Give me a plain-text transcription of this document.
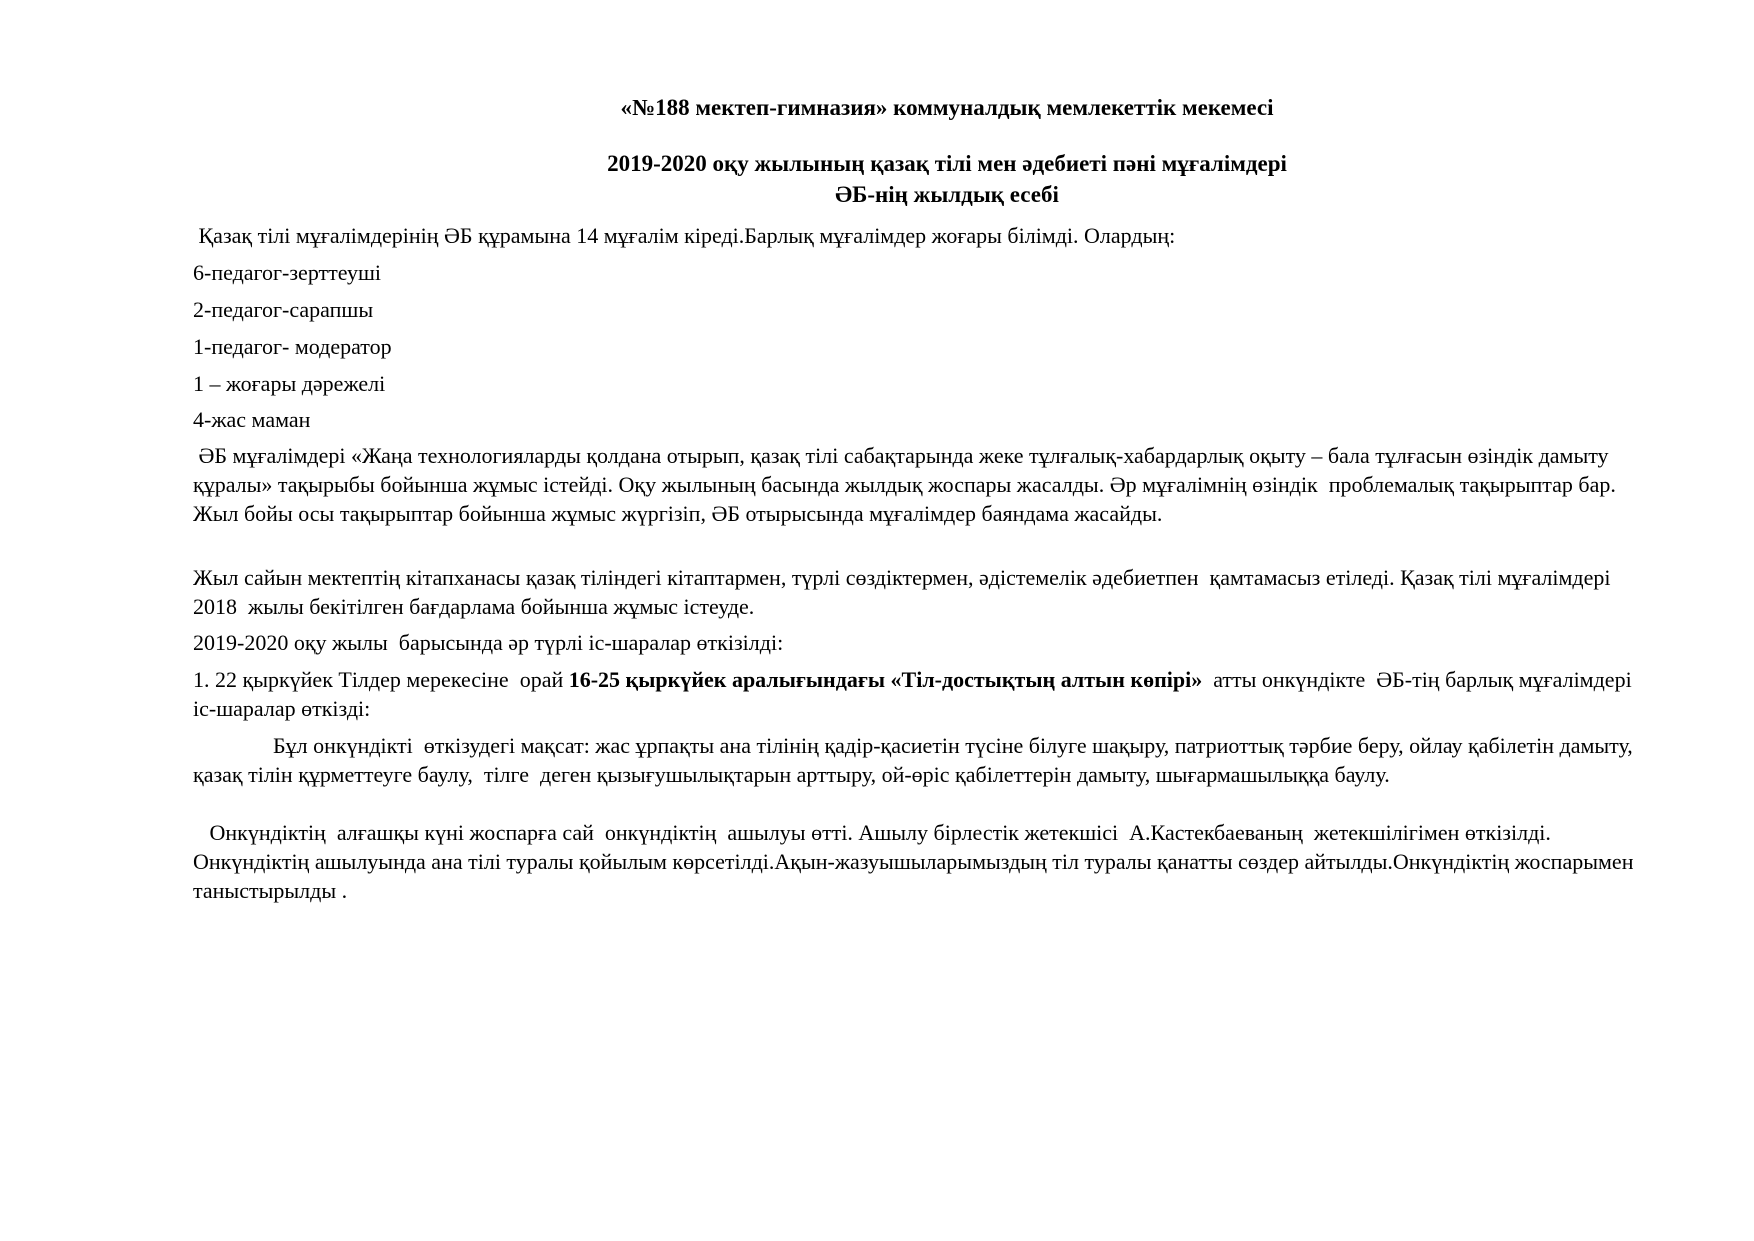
«№188 мектеп-гимназия» коммуналдық мемлекеттік мекемесі
2019-2020 оқу жылының қазақ тілі мен әдебиеті пәні мұғалімдері
ӘБ-нің жылдық есебі

Қазақ тілі мұғалімдерінің ӘБ құрамына 14 мұғалім кіреді.Барлық мұғалімдер жоғары білімді. Олардың:

6-педагог-зерттеуші

2-педагог-сарапшы

1-педагог- модератор

1 – жоғары дәрежелі

4-жас маман

ӘБ мұғалімдері «Жаңа технологияларды қолдана отырып, қазақ тілі сабақтарында жеке тұлғалық-хабардарлық оқыту – бала тұлғасын өзіндік дамыту құралы» тақырыбы бойынша жұмыс істейді. Оқу жылының басында жылдық жоспары жасалды. Әр мұғалімнің өзіндік  проблемалық тақырыптар бар. Жыл бойы осы тақырыптар бойынша жұмыс жүргізіп, ӘБ отырысында мұғалімдер баяндама жасайды.

Жыл сайын мектептің кітапханасы қазақ тіліндегі кітаптармен, түрлі сөздіктермен, әдістемелік әдебиетпен  қамтамасыз етіледі. Қазақ тілі мұғалімдері  2018  жылы бекітілген бағдарлама бойынша жұмыс істеуде.

2019-2020 оқу жылы  барысында әр түрлі іс-шаралар өткізілді:

1. 22 қыркүйек Тілдер мерекесіне  орай 16-25 қыркүйек аралығындағы «Тіл-достықтың алтын көпірі»  атты онкүндікте  ӘБ-тің барлық мұғалімдері іс-шаралар өткізді:

Бұл онкүндікті  өткізудегі мақсат: жас ұрпақты ана тілінің қадір-қасиетін түсіне білуге шақыру, патриоттық тәрбие беру, ойлау қабілетін дамыту, қазақ тілін құрметтеуге баулу,  тілге  деген қызығушылықтарын арттыру, ой-өріс қабілеттерін дамыту, шығармашылыққа баулу.

Онкүндіктің  алғашқы күні жоспарға сай  онкүндіктің  ашылуы өтті. Ашылу бірлестік жетекшісі  А.Кастекбаеваның  жетекшілігімен өткізілді. Онкүндіктің ашылуында ана тілі туралы қойылым көрсетілді.Ақын-жазуышыларымыздың тіл туралы қанатты сөздер айтылды.Онкүндіктің жоспарымен таныстырылды .
